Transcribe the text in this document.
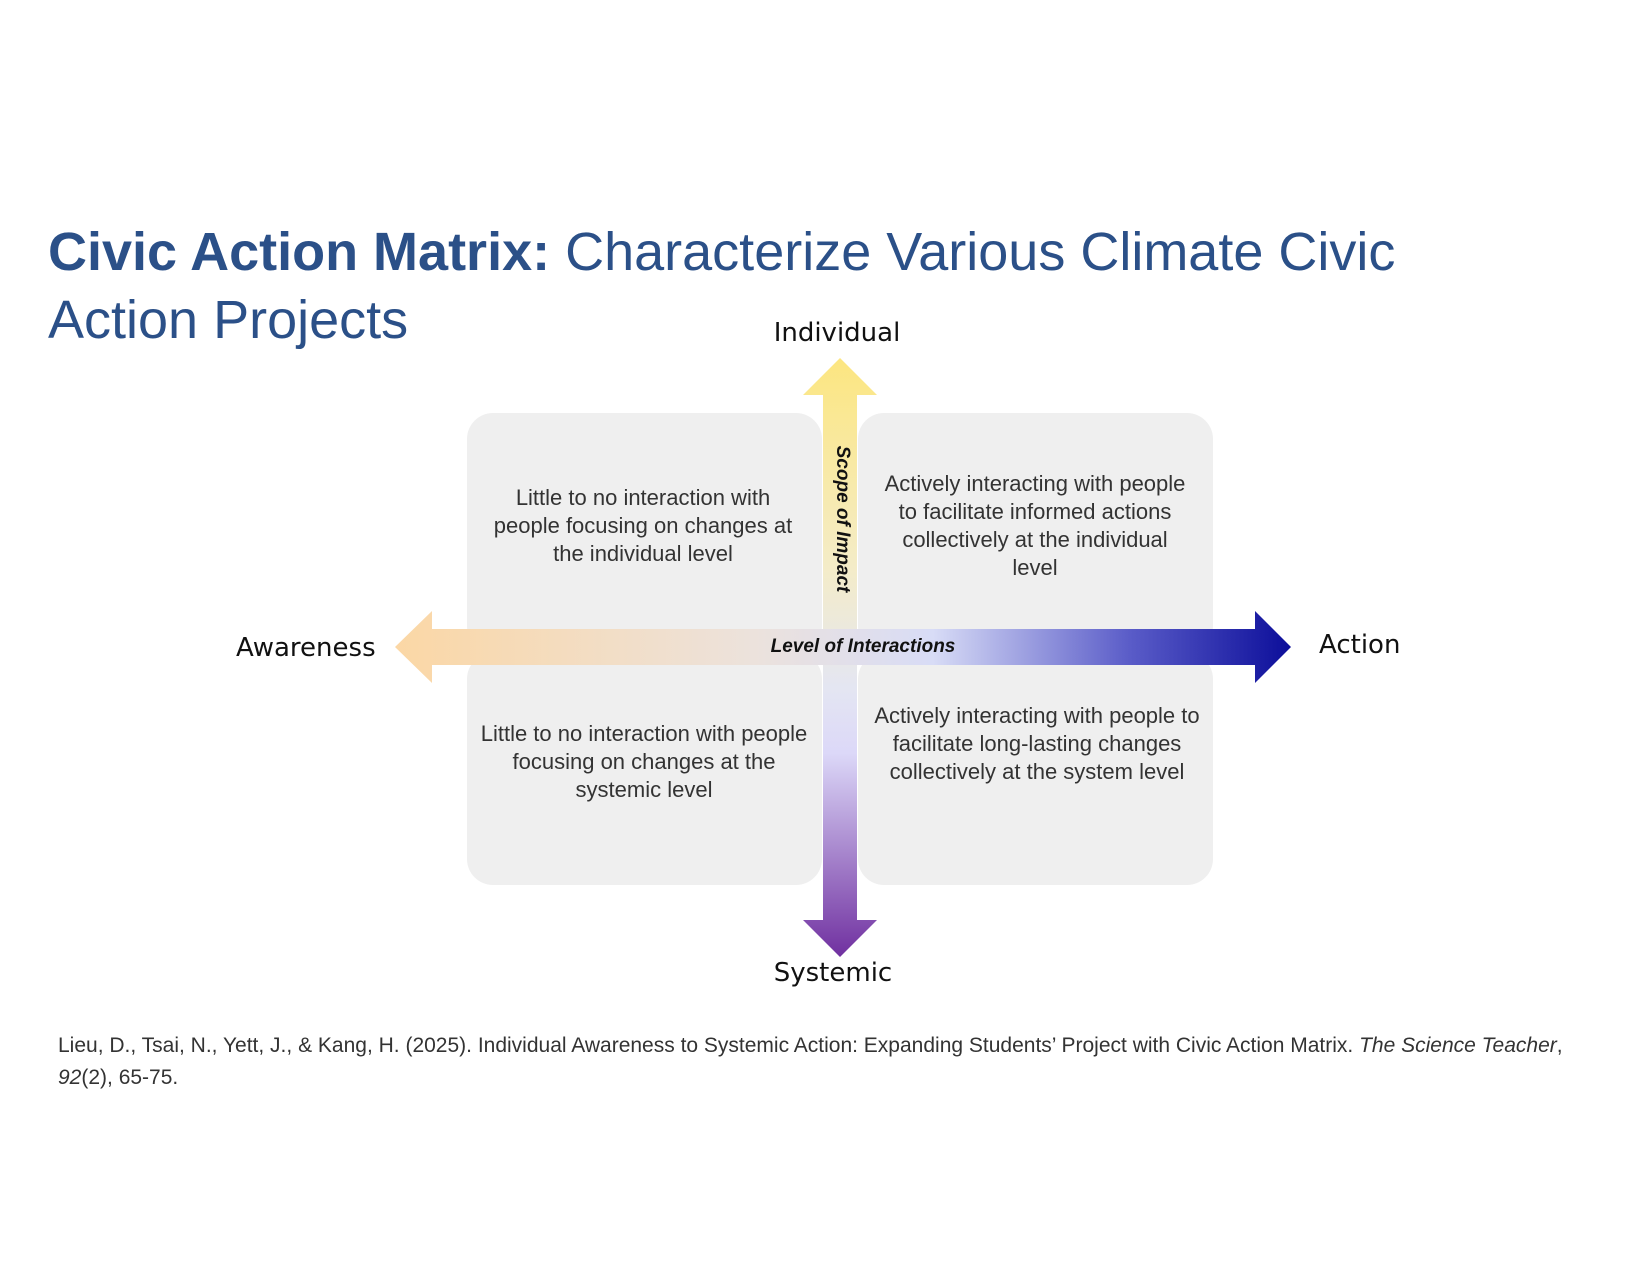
Civic Action Matrix: Characterize Various Climate Civic Action Projects
Scope of Impact
Level of Interactions
Individual
Systemic
Awareness	Action
Little to no interaction with people focusing on changes at the individual level
Actively interacting with people to facilitate informed actions collectively at the individual level
Little to no interaction with people focusing on changes at the systemic level
Actively interacting with people to facilitate long-lasting changes collectively at the system level
Lieu, D., Tsai, N., Yett, J., & Kang, H. (2025). Individual Awareness to Systemic Action: Expanding Students’ Project with Civic Action Matrix. The Science Teacher, 92(2), 65-75.
